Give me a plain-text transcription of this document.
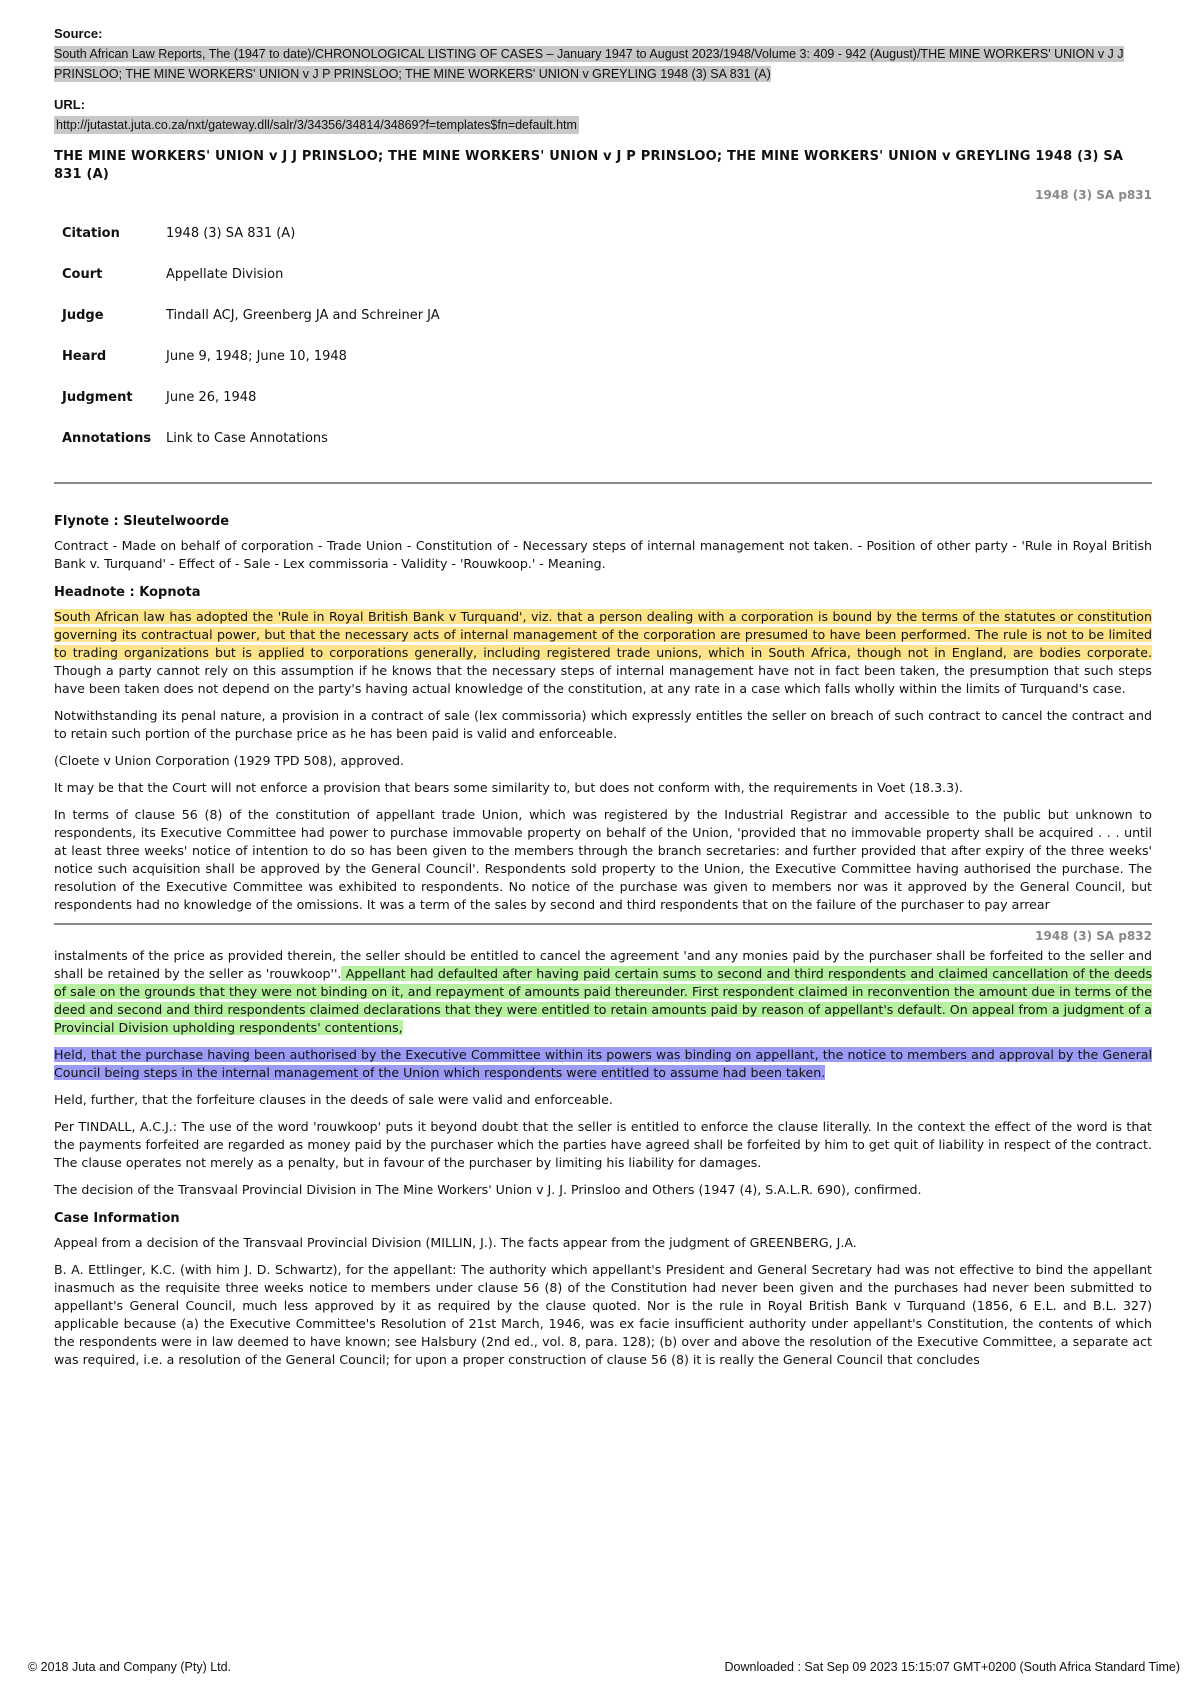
Source:
South African Law Reports, The (1947 to date)/CHRONOLOGICAL LISTING OF CASES – January 1947 to August 2023/1948/Volume 3: 409 - 942 (August)/THE MINE WORKERS' UNION v J J PRINSLOO; THE MINE WORKERS' UNION v J P PRINSLOO; THE MINE WORKERS' UNION v GREYLING 1948 (3) SA 831 (A)
URL:
http://jutastat.juta.co.za/nxt/gateway.dll/salr/3/34356/34814/34869?f=templates$fn=default.htm
THE MINE WORKERS' UNION v J J PRINSLOO; THE MINE WORKERS' UNION v J P PRINSLOO; THE MINE WORKERS' UNION v GREYLING 1948 (3) SA 831 (A)
1948 (3) SA p831
Citation	1948 (3) SA 831 (A)
Court	Appellate Division
Judge	Tindall ACJ, Greenberg JA and Schreiner JA
Heard	June 9, 1948; June 10, 1948
Judgment	June 26, 1948
Annotations	Link to Case Annotations
Flynote : Sleutelwoorde

Contract - Made on behalf of corporation - Trade Union - Constitution of - Necessary steps of internal management not taken. - Position of other party - 'Rule in Royal British Bank v. Turquand' - Effect of - Sale - Lex commissoria - Validity - 'Rouwkoop.' - Meaning.

Headnote : Kopnota

South African law has adopted the 'Rule in Royal British Bank v Turquand', viz. that a person dealing with a corporation is bound by the terms of the statutes or constitution governing its contractual power, but that the necessary acts of internal management of the corporation are presumed to have been performed. The rule is not to be limited to trading organizations but is applied to corporations generally, including registered trade unions, which in South Africa, though not in England, are bodies corporate. Though a party cannot rely on this assumption if he knows that the necessary steps of internal management have not in fact been taken, the presumption that such steps have been taken does not depend on the party's having actual knowledge of the constitution, at any rate in a case which falls wholly within the limits of Turquand's case.

Notwithstanding its penal nature, a provision in a contract of sale (lex commissoria) which expressly entitles the seller on breach of such contract to cancel the contract and to retain such portion of the purchase price as he has been paid is valid and enforceable.

(Cloete v Union Corporation (1929 TPD 508), approved.

It may be that the Court will not enforce a provision that bears some similarity to, but does not conform with, the requirements in Voet (18.3.3).

In terms of clause 56 (8) of the constitution of appellant trade Union, which was registered by the Industrial Registrar and accessible to the public but unknown to respondents, its Executive Committee had power to purchase immovable property on behalf of the Union, 'provided that no immovable property shall be acquired . . . until at least three weeks' notice of intention to do so has been given to the members through the branch secretaries: and further provided that after expiry of the three weeks' notice such acquisition shall be approved by the General Council'. Respondents sold property to the Union, the Executive Committee having authorised the purchase. The resolution of the Executive Committee was exhibited to respondents. No notice of the purchase was given to members nor was it approved by the General Council, but respondents had no knowledge of the omissions. It was a term of the sales by second and third respondents that on the failure of the purchaser to pay arrear

1948 (3) SA p832

instalments of the price as provided therein, the seller should be entitled to cancel the agreement 'and any monies paid by the purchaser shall be forfeited to the seller and shall be retained by the seller as 'rouwkoop''. Appellant had defaulted after having paid certain sums to second and third respondents and claimed cancellation of the deeds of sale on the grounds that they were not binding on it, and repayment of amounts paid thereunder. First respondent claimed in reconvention the amount due in terms of the deed and second and third respondents claimed declarations that they were entitled to retain amounts paid by reason of appellant's default. On appeal from a judgment of a Provincial Division upholding respondents' contentions,

Held, that the purchase having been authorised by the Executive Committee within its powers was binding on appellant, the notice to members and approval by the General Council being steps in the internal management of the Union which respondents were entitled to assume had been taken.

Held, further, that the forfeiture clauses in the deeds of sale were valid and enforceable.

Per TINDALL, A.C.J.: The use of the word 'rouwkoop' puts it beyond doubt that the seller is entitled to enforce the clause literally. In the context the effect of the word is that the payments forfeited are regarded as money paid by the purchaser which the parties have agreed shall be forfeited by him to get quit of liability in respect of the contract. The clause operates not merely as a penalty, but in favour of the purchaser by limiting his liability for damages.

The decision of the Transvaal Provincial Division in The Mine Workers' Union v J. J. Prinsloo and Others (1947 (4), S.A.L.R. 690), confirmed.

Case Information

Appeal from a decision of the Transvaal Provincial Division (MILLIN, J.). The facts appear from the judgment of GREENBERG, J.A.

B. A. Ettlinger, K.C. (with him J. D. Schwartz), for the appellant: The authority which appellant's President and General Secretary had was not effective to bind the appellant inasmuch as the requisite three weeks notice to members under clause 56 (8) of the Constitution had never been given and the purchases had never been submitted to appellant's General Council, much less approved by it as required by the clause quoted. Nor is the rule in Royal British Bank v Turquand (1856, 6 E.L. and B.L. 327) applicable because (a) the Executive Committee's Resolution of 21st March, 1946, was ex facie insufficient authority under appellant's Constitution, the contents of which the respondents were in law deemed to have known; see Halsbury (2nd ed., vol. 8, para. 128); (b) over and above the resolution of the Executive Committee, a separate act was required, i.e. a resolution of the General Council; for upon a proper construction of clause 56 (8) it is really the General Council that concludes

© 2018 Juta and Company (Pty) Ltd.	Downloaded : Sat Sep 09 2023 15:15:07 GMT+0200 (South Africa Standard Time)
